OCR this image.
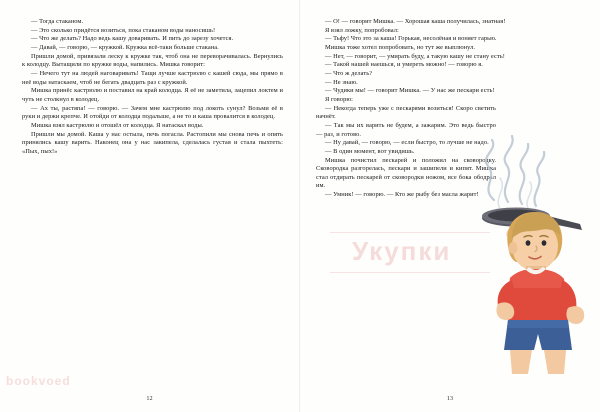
— Тогда стаканом.

— Это сколько придётся возиться, пока стаканом воды наносишь!

— Что же делать? Надо ведь кашу доваривать. И пить до зарезу хочется.

— Давай, — говорю, — кружкой. Кружка всё-таки больше стакана.

Пришли домой, привязали леску к кружке так, чтоб она не переворачивалась. Вернулись к колодцу. Вытащили по кружке воды, напились. Мишка говорит:

— Нечего тут на людей наговаривать! Тащи лучше кастрюлю с кашей сюда, мы прямо в неё воды натаскаем, чтоб не бегать двадцать раз с кружкой.

Мишка принёс кастрюлю и поставил на край колодца. Я её не заметила, зацепил локтем и чуть не столкнул в колодец.

— Ах ты, растяпа! — говорю. — Зачем мне кастрюлю под локоть сунул? Возьми её в руки и держи крепче. И отойди от колодца подальше, а не то и каша провалится в колодец.

Мишка взял кастрюлю и отошёл от колодца. Я натаскал воды.

Пришли мы домой. Каша у нас остыла, печь погасла. Растопили мы снова печь и опять принялись кашу варить. Наконец она у нас закипела, сделалась густая и стала пыхтеть: «Пых, пых!»

12

— О! — говорит Мишка. — Хорошая каша получилась, знатная!

Я взял ложку, попробовал:

— Тьфу! Что это за каша! Горькая, несолёная и воняет гарью.

Мишка тоже хотел попробовать, но тут же выплюнул.

— Нет, — говорит, — умирать буду, а такую кашу не стану есть!

— Такой нашей наешься, и умереть можно! — говорю я.

— Что ж делать?

— Не знаю.

— Чудики мы! — говорит Мишка. — У нас же пескари есть!

Я говорю:

— Некогда теперь уже с пескарями возиться! Скоро светить начнёт.

— Так мы их варить не будем, а зажарим. Это ведь быстро — раз, и готово.

— Ну давай, — говорю, — если быстро, то лучше не надо.

— В один момент, вот увидишь.

Мишка почистил пескарей и положил на сковородку. Сковородка разгорелась, пескари и зашипели и кипят. Мишка стал отдирать пескарей от сковородки ножом, все бока ободрал им.

— Умник! — говорю. — Кто же рыбу без масла жарит!

13
Укупки
bookvoed
